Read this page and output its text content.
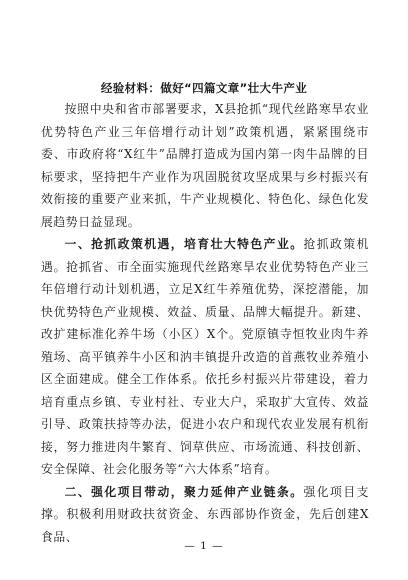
经验材料：做好“四篇文章”壮大牛产业

按照中央和省市部署要求，X县抢抓“现代丝路寒旱农业优势特色产业三年倍增行动计划”政策机遇，紧紧围绕市委、市政府将“X红牛”品牌打造成为国内第一肉牛品牌的目标要求，坚持把牛产业作为巩固脱贫攻坚成果与乡村振兴有效衔接的重要产业来抓，牛产业规模化、特色化、绿色化发展趋势日益显现。

一、抢抓政策机遇，培育壮大特色产业。抢抓政策机遇。抢抓省、市全面实施现代丝路寒旱农业优势特色产业三年倍增行动计划机遇，立足X红牛养殖优势，深挖潜能，加快优势特色产业规模、效益、质量、品牌大幅提升。新建、改扩建标准化养牛场（小区）X个。党原镇寺恒牧业肉牛养殖场、高平镇养牛小区和汭丰镇提升改造的首燕牧业养殖小区全面建成。健全工作体系。依托乡村振兴片带建设，着力培育重点乡镇、专业村社、专业大户，采取扩大宣传、效益引导、政策扶持等办法，促进小农户和现代农业发展有机衔接，努力推进肉牛繁育、饲草供应、市场流通、科技创新、安全保障、社会化服务等“六大体系”培育。

二、强化项目带动，聚力延伸产业链条。强化项目支撑。积极利用财政扶贫资金、东西部协作资金，先后创建X食品、

— 1 —
